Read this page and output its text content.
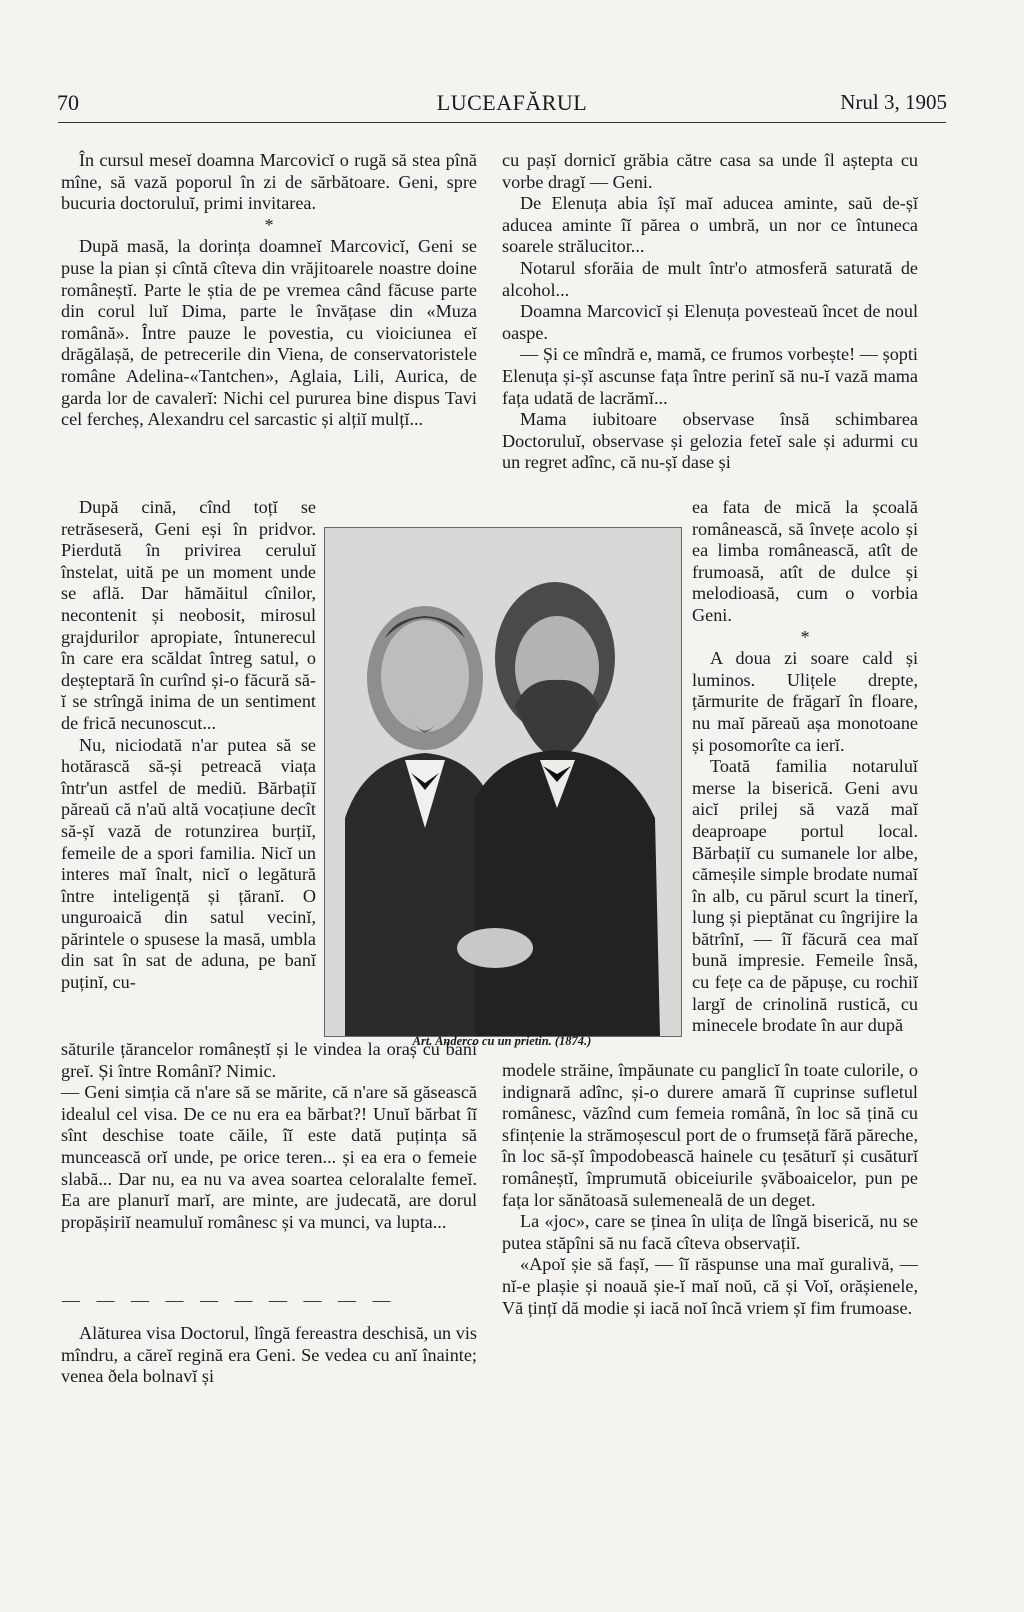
70	LUCEAFĂRUL	Nrul 3, 1905

În cursul meseĭ doamna Marcovicĭ o rugă să stea pînă mîne, să vază poporul în zi de sărbătoare. Geni, spre bucuria doctoruluĭ, primi invitarea.

*

După masă, la dorința doamneĭ Marcovicĭ, Geni se puse la pian și cîntă cîteva din vrăjitoarele noastre doine româneștĭ. Parte le știa de pe vremea când făcuse parte din corul luĭ Dima, parte le învățase din «Muza română». Între pauze le povestia, cu vioiciunea eĭ drăgălașă, de petrecerile din Viena, de conservatoristele române Adelina-«Tantchen», Aglaia, Lili, Aurica, de garda lor de cavalerĭ: Nichi cel pururea bine dispus Tavi cel fercheș, Alexandru cel sarcastic și alțiĭ mulțĭ...

După cină, cînd toțĭ se retrăseseră, Geni eși în pridvor. Pierdută în privirea ceruluĭ înstelat, uită pe un moment unde se află. Dar hămăitul cînilor, necontenit și neobosit, mirosul grajdurilor apropiate, întunerecul în care era scăldat întreg satul, o deșteptară în curînd și-o făcură să-ĭ se strîngă inima de un sentiment de frică necunoscut...

Nu, niciodată n'ar putea să se hotărască să-și petreacă viața într'un astfel de mediŭ. Bărbațiĭ păreaŭ că n'aŭ altă vocațiune decît să-șĭ vază de rotunzirea burțiĭ, femeile de a spori familia. Nicĭ un interes maĭ înalt, nicĭ o legătură între inteligență și țăranĭ. O unguroaică din satul vecinĭ, părintele o spusese la masă, umbla din sat în sat de aduna, pe banĭ puținĭ, cu-

săturile țărancelor româneștĭ și le vindea la oraș cu banĭ greĭ. Și între Românĭ? Nimic.

— Geni simția că n'are să se mărite, că n'are să găsească idealul cel visa. De ce nu era ea bărbat?! Unuĭ bărbat îĭ sînt deschise toate căile, îĭ este dată puțința să muncească orĭ unde, pe orice teren... și ea era o femeie slabă... Dar nu, ea nu va avea soartea celoralalte femeĭ. Ea are planurĭ marĭ, are minte, are judecată, are dorul propășiriĭ neamuluĭ românesc și va munci, va lupta...

— — — — — — — — — —

Alăturea visa Doctorul, lîngă fereastra deschisă, un vis mîndru, a căreĭ regină era Geni. Se vedea cu anĭ înainte; venea ðela bolnavĭ și

cu pașĭ dornicĭ grăbia către casa sa unde îl aștepta cu vorbe dragĭ — Geni.

De Elenuța abia îșĭ maĭ aducea aminte, saŭ de-șĭ aducea aminte îĭ părea o umbră, un nor ce întuneca soarele strălucitor...

Notarul sforăia de mult într'o atmosferă saturată de alcohol...

Doamna Marcovicĭ și Elenuța povesteaŭ încet de noul oaspe.

— Și ce mîndră e, mamă, ce frumos vorbește! — șopti Elenuța și-șĭ ascunse fața între perinĭ să nu-ĭ vază mama fața udată de lacrămĭ...

Mama iubitoare observase însă schimbarea Doctoruluĭ, observase și gelozia feteĭ sale și adurmi cu un regret adînc, că nu-șĭ dase și

ea fata de mică la școală românească, să învețe acolo și ea limba românească, atît de frumoasă, atît de dulce și melodioasă, cum o vorbia Geni.

*

A doua zi soare cald și luminos. Ulițele drepte, țărmurite de frăgarĭ în floare, nu maĭ păreaŭ așa monotoane și posomorîte ca ierĭ.

Toată familia notaruluĭ merse la biserică. Geni avu aicĭ prilej să vază maĭ deaproape portul local. Bărbațiĭ cu sumanele lor albe, cămeșile simple brodate numaĭ în alb, cu părul scurt la tinerĭ, lung și pieptănat cu îngrijire la bătrînĭ, — îĭ făcură cea maĭ bună impresie. Femeile însă, cu fețe ca de păpușe, cu rochiĭ largĭ de crinolină rustică, cu minecele brodate în aur după

modele străine, împăunate cu panglicĭ în toate culorile, o indignară adînc, și-o durere amară îĭ cuprinse sufletul românesc, văzînd cum femeia română, în loc să țină cu sfințenie la strămoșescul port de o frumseță fără păreche, în loc să-șĭ împodobească hainele cu țesăturĭ și cusăturĭ româneștĭ, împrumută obiceiurile șvăboaicelor, pun pe fața lor sănătoasă sulemeneală de un deget.

La «joc», care se ținea în ulița de lîngă biserică, nu se putea stăpîni să nu facă cîteva observațiĭ.

«Apoĭ șie să fașĭ, — îĭ răspunse una maĭ guralivă, — nĭ-e plașie și noauă șie-ĭ maĭ noŭ, că și Voĭ, orășienele, Vă țințĭ dă modie și iacă noĭ încă vriem șĭ fim frumoase.

Art. Anderco cu un prietin. (1874.)
